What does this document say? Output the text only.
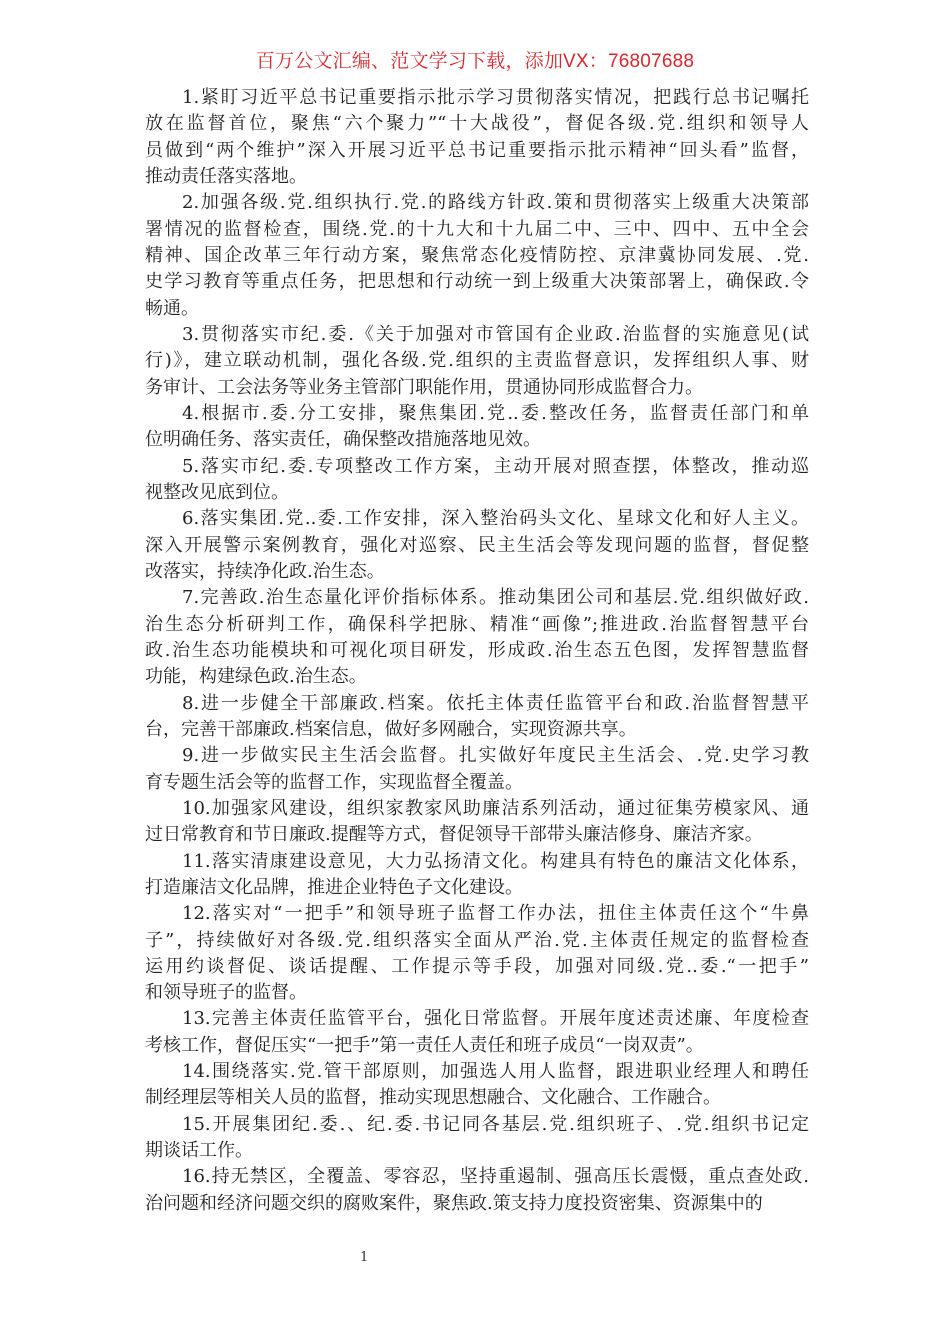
百万公文汇编、范文学习下载，添加VX：76807688
1.紧盯习近平总书记重要指示批示学习贯彻落实情况，把践行总书记嘱托
放在监督首位，聚焦“六个聚力”“十大战役”，督促各级.党.组织和领导人
员做到“两个维护”深入开展习近平总书记重要指示批示精神“回头看”监督，
推动责任落实落地。
2.加强各级.党.组织执行.党.的路线方针政.策和贯彻落实上级重大决策部
署情况的监督检查，围绕.党.的十九大和十九届二中、三中、四中、五中全会
精神、国企改革三年行动方案，聚焦常态化疫情防控、京津冀协同发展、.党.
史学习教育等重点任务，把思想和行动统一到上级重大决策部署上，确保政.令
畅通。
3.贯彻落实市纪.委.《关于加强对市管国有企业政.治监督的实施意见(试
行)》，建立联动机制，强化各级.党.组织的主责监督意识，发挥组织人事、财
务审计、工会法务等业务主管部门职能作用，贯通协同形成监督合力。
4.根据市.委.分工安排，聚焦集团.党..委.整改任务，监督责任部门和单
位明确任务、落实责任，确保整改措施落地见效。
5.落实市纪.委.专项整改工作方案，主动开展对照查摆，体整改，推动巡
视整改见底到位。
6.落实集团.党..委.工作安排，深入整治码头文化、星球文化和好人主义。
深入开展警示案例教育，强化对巡察、民主生活会等发现问题的监督，督促整
改落实，持续净化政.治生态。
7.完善政.治生态量化评价指标体系。推动集团公司和基层.党.组织做好政.
治生态分析研判工作，确保科学把脉、精准“画像”;推进政.治监督智慧平台
政.治生态功能模块和可视化项目研发，形成政.治生态五色图，发挥智慧监督
功能，构建绿色政.治生态。
8.进一步健全干部廉政.档案。依托主体责任监管平台和政.治监督智慧平
台，完善干部廉政.档案信息，做好多网融合，实现资源共享。
9.进一步做实民主生活会监督。扎实做好年度民主生活会、.党.史学习教
育专题生活会等的监督工作，实现监督全覆盖。
10.加强家风建设，组织家教家风助廉洁系列活动，通过征集劳模家风、通
过日常教育和节日廉政.提醒等方式，督促领导干部带头廉洁修身、廉洁齐家。
11.落实清康建设意见，大力弘扬清文化。构建具有特色的廉洁文化体系，
打造廉洁文化品牌，推进企业特色子文化建设。
12.落实对“一把手”和领导班子监督工作办法，扭住主体责任这个“牛鼻
子”，持续做好对各级.党.组织落实全面从严治.党.主体责任规定的监督检查
运用约谈督促、谈话提醒、工作提示等手段，加强对同级.党..委.“一把手”
和领导班子的监督。
13.完善主体责任监管平台，强化日常监督。开展年度述责述廉、年度检查
考核工作，督促压实“一把手”第一责任人责任和班子成员“一岗双责”。
14.围绕落实.党.管干部原则，加强选人用人监督，跟进职业经理人和聘任
制经理层等相关人员的监督，推动实现思想融合、文化融合、工作融合。
15.开展集团纪.委.、纪.委.书记同各基层.党.组织班子、.党.组织书记定
期谈话工作。
16.持无禁区，全覆盖、零容忍，坚持重遏制、强高压长震慑，重点查处政.
治问题和经济问题交织的腐败案件，聚焦政.策支持力度投资密集、资源集中的
1
